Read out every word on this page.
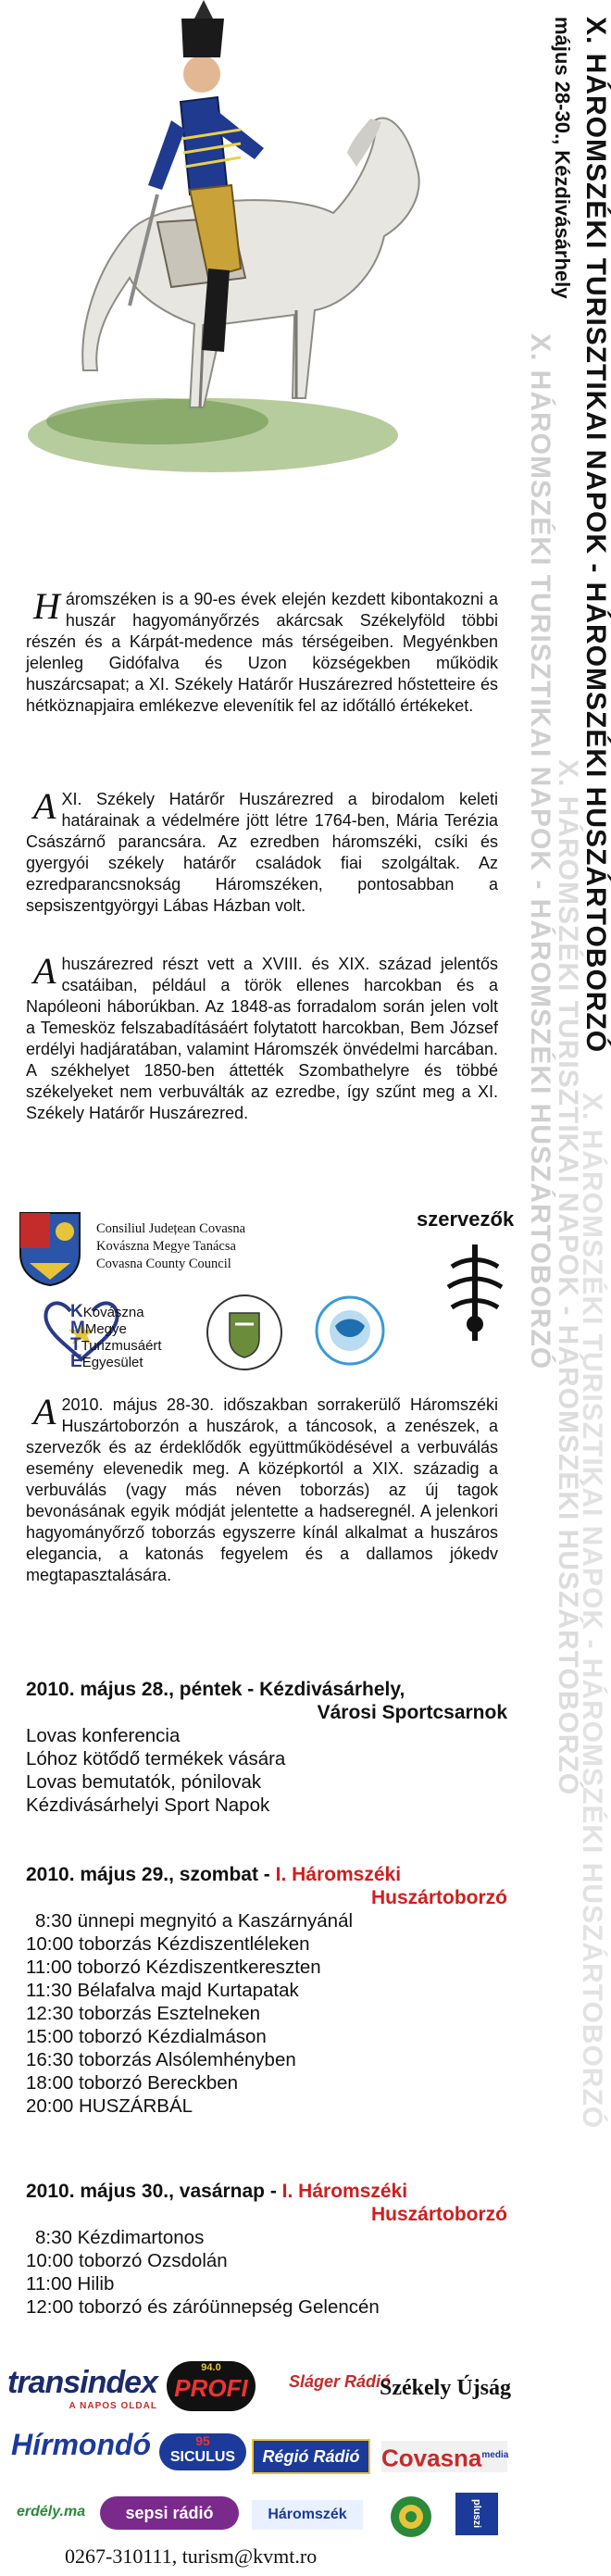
X. HÁROMSZÉKI TURISZTIKAI NAPOK - HÁROMSZÉKI HUSZÁRTOBORZÓ
X. HÁROMSZÉKI TURISZTIKAI NAPOK - HÁROMSZÉKI HUSZÁRTOBORZÓ
X. HÁROMSZÉKI TURISZTIKAI NAPOK - HÁROMSZÉKI HUSZÁRTOBORZÓ
X. HÁROMSZÉKI TURISZTIKAI NAPOK - HÁROMSZÉKI HUSZÁRTOBORZÓ
május 28-30., Kézdivásárhely
Háromszéken is a 90-es évek elején kezdett kibontakozni a huszár hagyományőrzés akárcsak Székelyföld többi részén és a Kárpát-medence más térségeiben. Megyénkben jelenleg Gidófalva és Uzon községekben működik huszárcsapat; a XI. Székely Határőr Huszárezred hőstetteire és hétköznapjaira emlékezve elevenítik fel az időtálló értékeket.
A XI. Székely Határőr Huszárezred a birodalom keleti határainak a védelmére jött létre 1764-ben, Mária Terézia Császárnő parancsára. Az ezredben háromszéki, csíki és gyergyói székely határőr családok fiai szolgáltak. Az ezredparancsnokság Háromszéken, pontosabban a sepsiszentgyörgyi Lábas Házban volt.
A huszárezred részt vett a XVIII. és XIX. század jelentős csatáiban, például a török ellenes harcokban és a Napóleoni háborúkban. Az 1848-as forradalom során jelen volt a Temesköz felszabadításáért folytatott harcokban, Bem József erdélyi hadjáratában, valamint Háromszék önvédelmi harcában. A székhelyet 1850-ben áttették Szombathelyre és többé székelyeket nem verbuválták az ezredbe, így szűnt meg a XI. Székely Határőr Huszárezred.
Consiliul Județean Covasna
Kovászna Megye Tanácsa
Covasna County Council
szervezők
KKovászna
MMegye
TTurizmusáért
EEgyesület
A 2010. május 28-30. időszakban sorrakerülő Háromszéki Huszártoborzón a huszárok, a táncosok, a zenészek, a szervezők és az érdeklődők együttműködésével a verbuválás esemény elevenedik meg. A középkortól a XIX. századig a verbuválás (vagy más néven toborzás) az új tagok bevonásának egyik módját jelentette a hadseregnél. A jelenkori hagyományőrző toborzás egyszerre kínál alkalmat a huszáros elegancia, a katonás fegyelem és a dallamos jókedv megtapasztalására.
2010. május 28., péntek - Kézdivásárhely,
Városi Sportcsarnok
Lovas konferencia
Lóhoz kötődő termékek vására
Lovas bemutatók, pónilovak
Kézdivásárhelyi Sport Napok
2010. május 29., szombat - I. Háromszéki
Huszártoborzó
8:30 ünnepi megnyitó a Kaszárnyánál
10:00 toborzás Kézdiszentléleken
11:00 toborzó Kézdiszentkereszten
11:30 Bélafalva majd Kurtapatak
12:30 toborzás Esztelneken
15:00 toborzó Kézdialmáson
16:30 toborzás Alsólemhényben
18:00 toborzó Bereckben
20:00 HUSZÁRBÁL
2010. május 30., vasárnap - I. Háromszéki
Huszártoborzó
8:30 Kézdimartonos
10:00 toborzó Ozsdolán
11:00 Hilib
12:00 toborzó és záróünnepség Gelencén
transindex
A NAPOS OLDAL
94.0
PROFI	Sláger Rádió
Székely Újság
Hírmondó	95
SICULUS	Régió Rádió Covasna$^{media}$
erdély.ma	sepsi rádió	Háromszék	pluszi
0267-310111, turism@kvmt.ro
